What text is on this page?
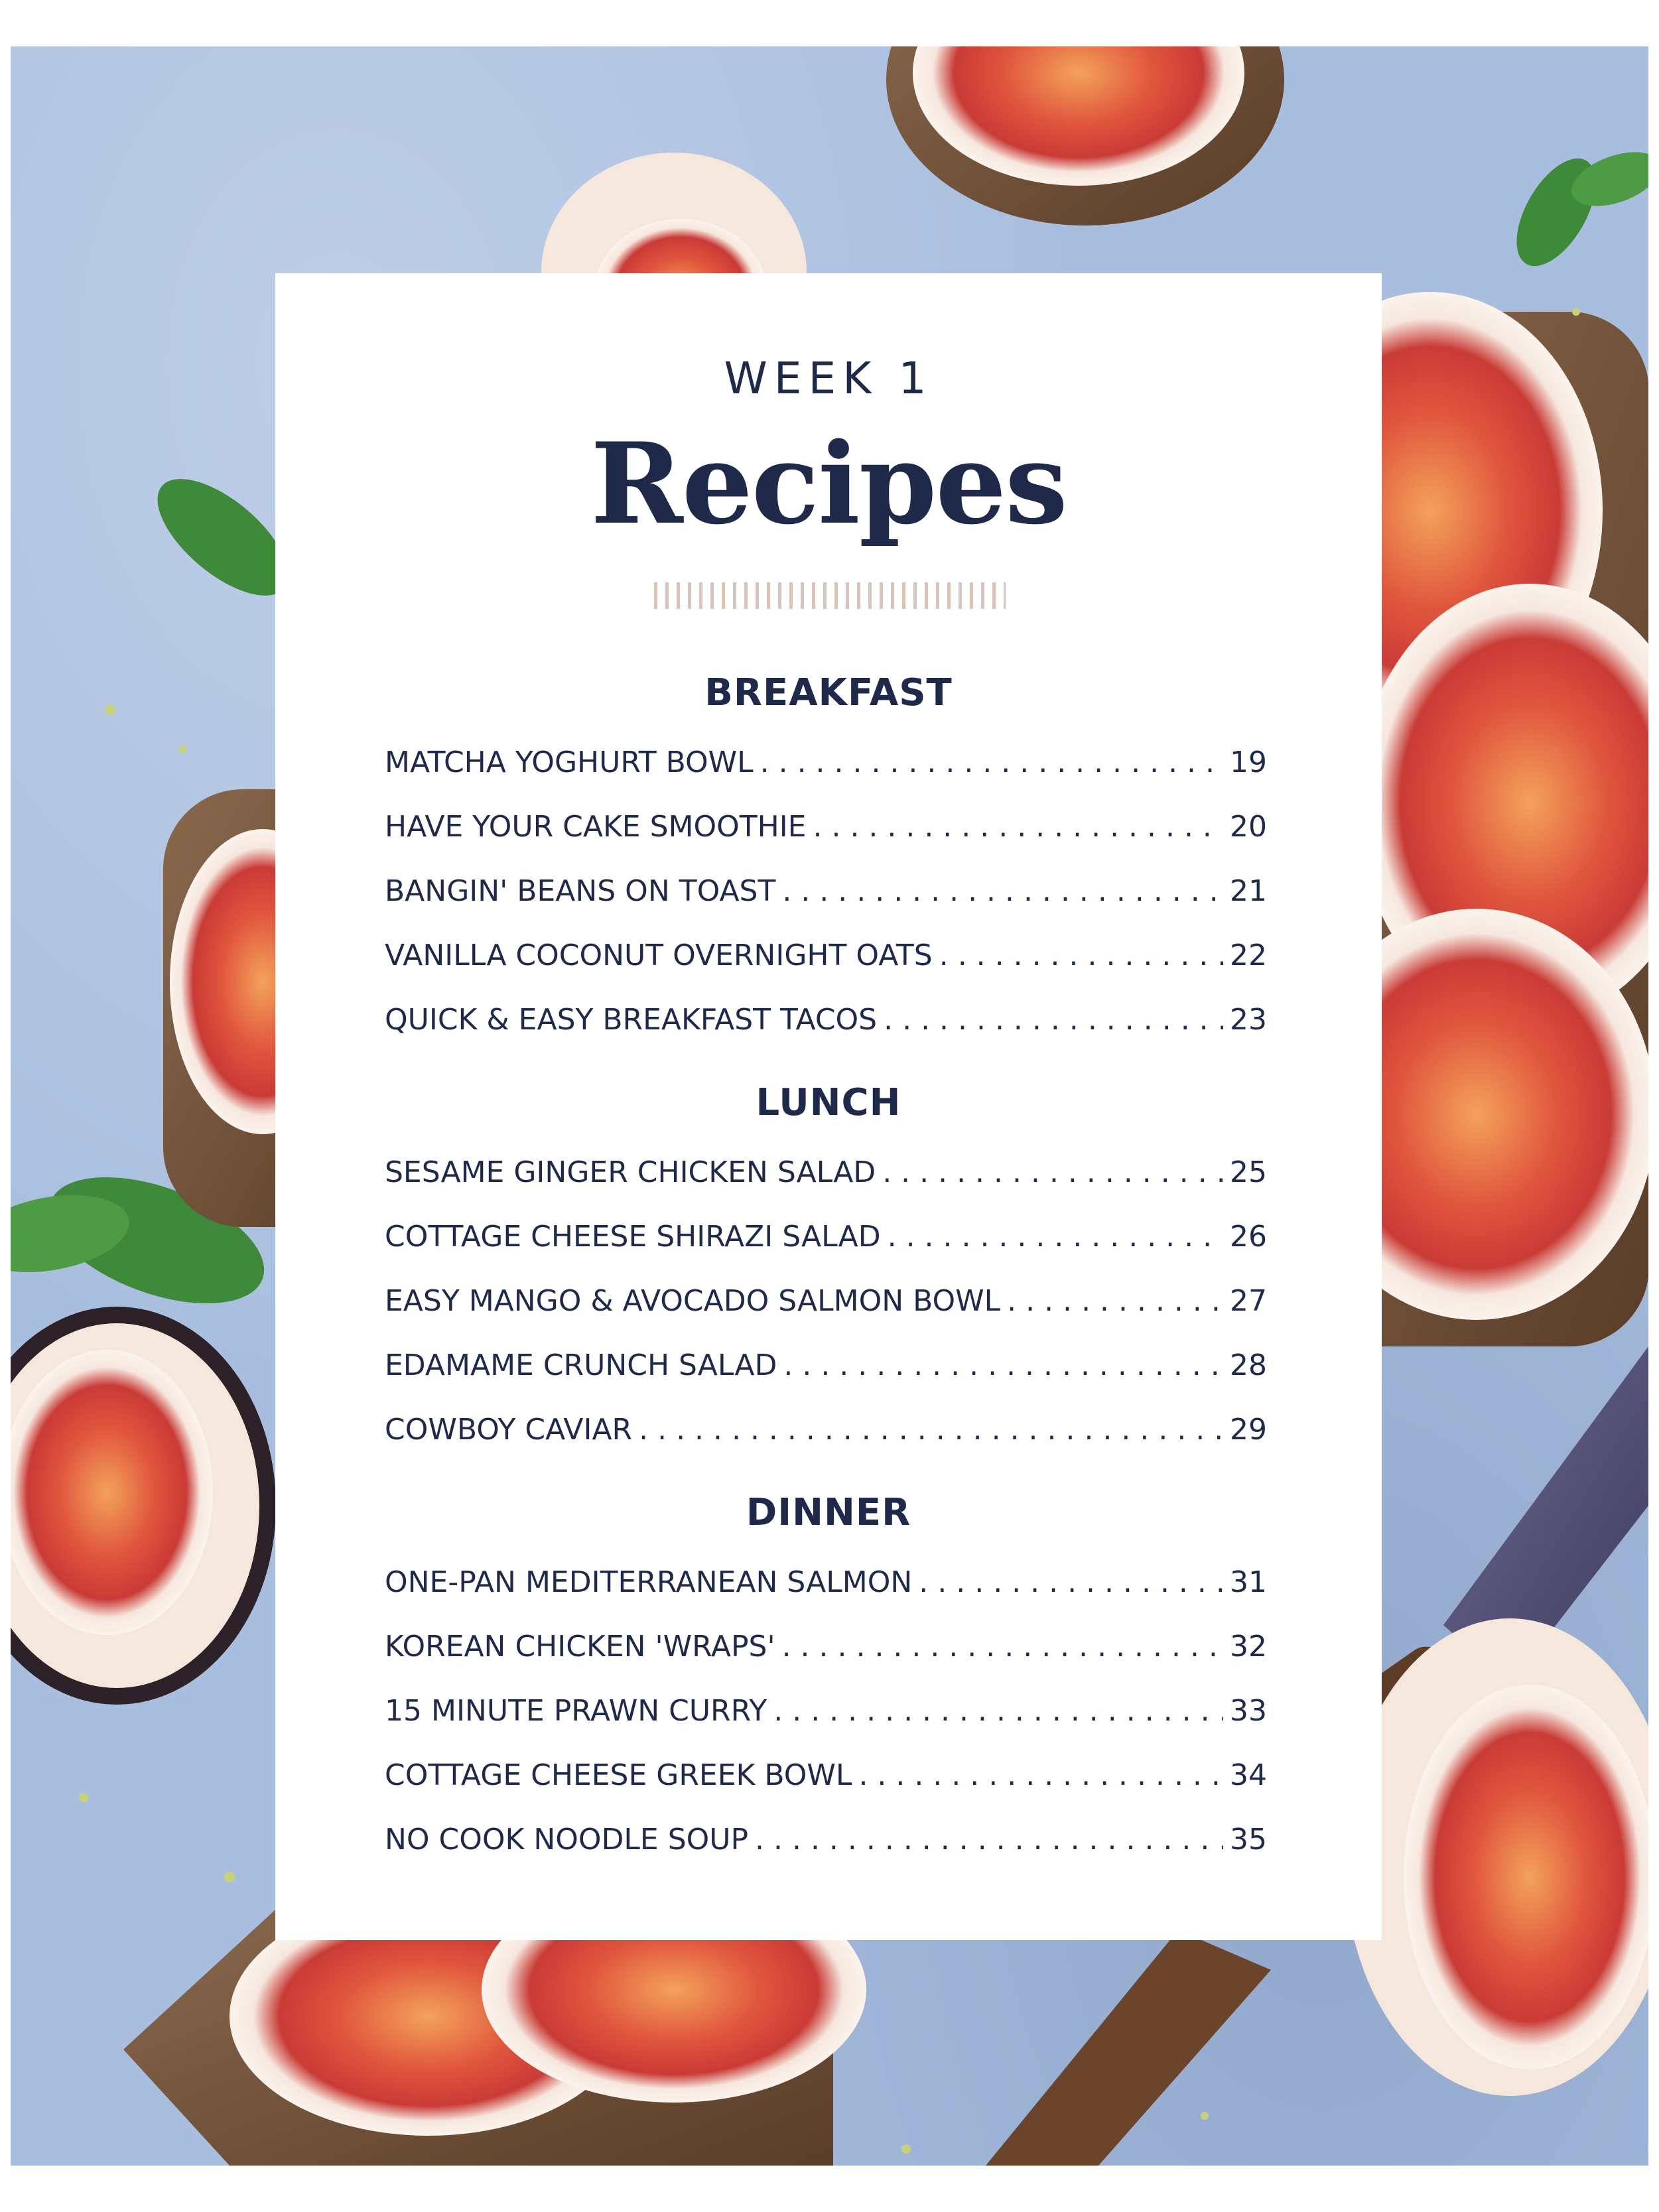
WEEK 1
Recipes
BREAKFAST
MATCHA YOGHURT BOWL . . .	19
HAVE YOUR CAKE SMOOTHIE . . .	20
BANGIN' BEANS ON TOAST . . .	21
VANILLA COCONUT OVERNIGHT OATS . . .	22
QUICK & EASY BREAKFAST TACOS . . .	23
LUNCH
SESAME GINGER CHICKEN SALAD . . .	25
COTTAGE CHEESE SHIRAZI SALAD . . .	26
EASY MANGO & AVOCADO SALMON BOWL . . .	27
EDAMAME CRUNCH SALAD . . .	28
COWBOY CAVIAR . . .	29
DINNER
ONE-PAN MEDITERRANEAN SALMON . . .	31
KOREAN CHICKEN 'WRAPS' . . .	32
15 MINUTE PRAWN CURRY . . .	33
COTTAGE CHEESE GREEK BOWL . . .	34
NO COOK NOODLE SOUP . . .	35
